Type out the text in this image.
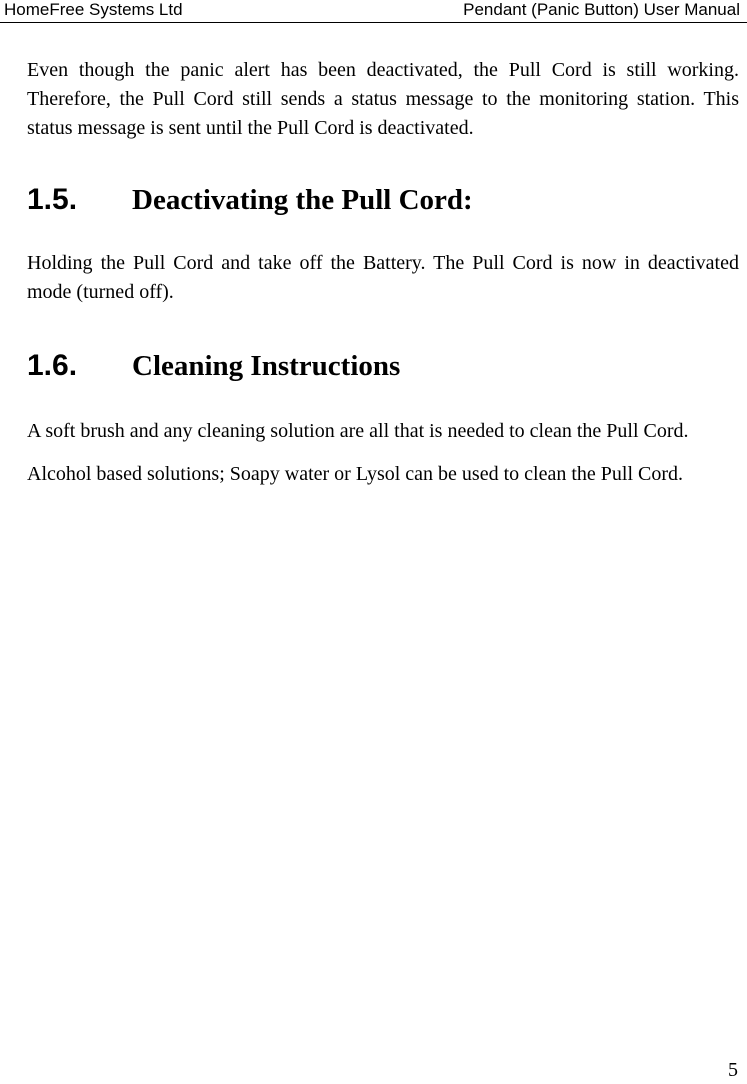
HomeFree Systems Ltd	Pendant (Panic Button) User Manual

Even though the panic alert has been deactivated, the Pull Cord is still working. Therefore, the Pull Cord still sends a status message to the monitoring station. This status message is sent until the Pull Cord is deactivated.

1.5.	Deactivating the Pull Cord:

Holding the Pull Cord and take off the Battery. The Pull Cord is now in deactivated mode (turned off).

1.6.	Cleaning Instructions

A soft brush and any cleaning solution are all that is needed to clean the Pull Cord.

Alcohol based solutions; Soapy water or Lysol can be used to clean the Pull Cord.

5
